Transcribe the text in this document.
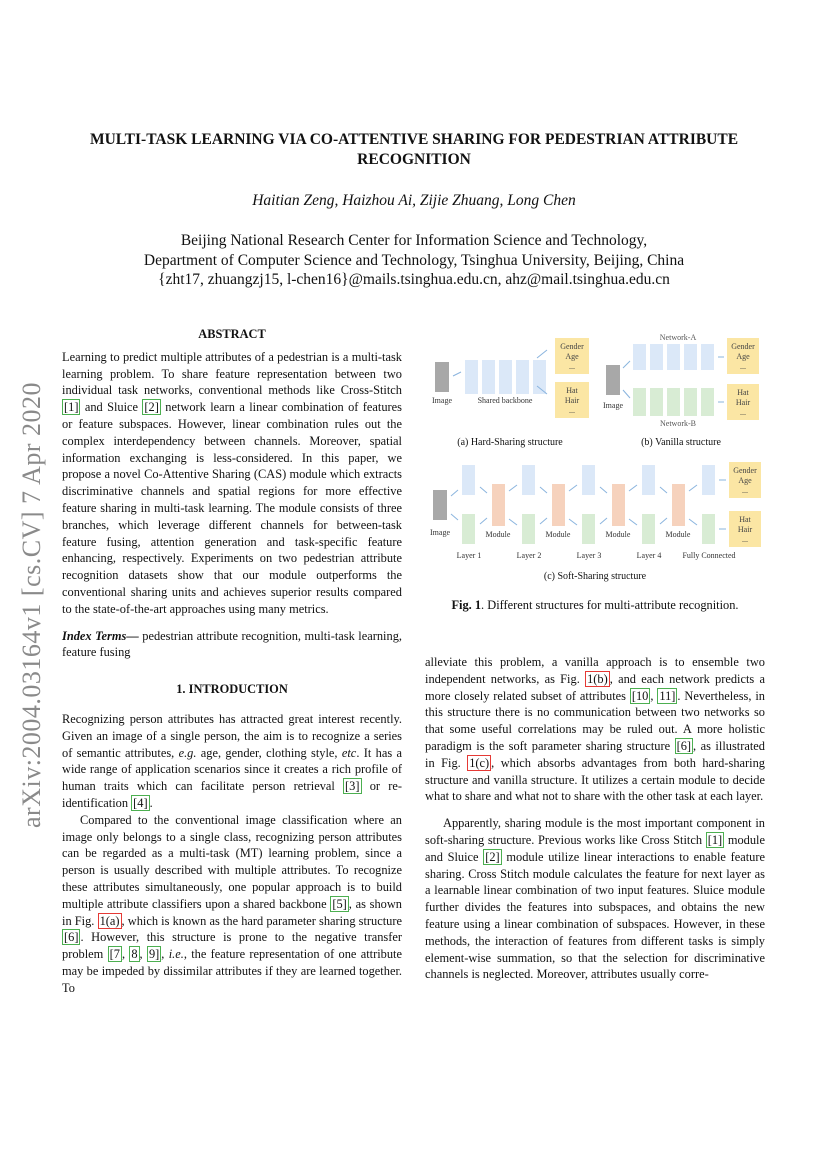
arXiv:2004.03164v1 [cs.CV] 7 Apr 2020
MULTI-TASK LEARNING VIA CO-ATTENTIVE SHARING FOR PEDESTRIAN ATTRIBUTE
RECOGNITION
Haitian Zeng, Haizhou Ai, Zijie Zhuang, Long Chen
Beijing National Research Center for Information Science and Technology,
Department of Computer Science and Technology, Tsinghua University, Beijing, China
{zht17, zhuangzj15, l-chen16}@mails.tsinghua.edu.cn, ahz@mail.tsinghua.edu.cn
ABSTRACT

Learning to predict multiple attributes of a pedestrian is a multi-task learning problem. To share feature representation between two individual task networks, conventional methods like Cross-Stitch [1] and Sluice [2] network learn a linear combination of features or feature subspaces. However, linear combination rules out the complex interdependency between channels. Moreover, spatial information exchanging is less-considered. In this paper, we propose a novel Co-Attentive Sharing (CAS) module which extracts discriminative channels and spatial regions for more effective feature sharing in multi-task learning. The module consists of three branches, which leverage different channels for between-task feature fusing, attention generation and task-specific feature enhancing, respectively. Experiments on two pedestrian attribute recognition datasets show that our module outperforms the conventional sharing units and achieves superior results compared to the state-of-the-art approaches using many metrics.

Index Terms— pedestrian attribute recognition, multi-task learning, feature fusing

1. INTRODUCTION

Recognizing person attributes has attracted great interest recently. Given an image of a single person, the aim is to recognize a series of semantic attributes, e.g. age, gender, clothing style, etc. It has a wide range of application scenarios since it creates a rich profile of human traits which can facilitate person retrieval [3] or re-identification [4] .

Compared to the conventional image classification where an image only belongs to a single class, recognizing person attributes can be regarded as a multi-task (MT) learning problem, since a person is usually described with multiple attributes. To recognize these attributes simultaneously, one popular approach is to build multiple attribute classifiers upon a shared backbone [5] , as shown in Fig. 1(a) , which is known as the hard parameter sharing structure [6] . However, this structure is prone to the negative transfer problem [7 , 8 , 9] , i.e., the feature representation of one attribute may be impeded by dissimilar attributes if they are learned together. To

Image	Shared backbone
Gender
Age
...
Hat
Hair
...
(a) Hard-Sharing structure
Network-A
Gender
Age
...
Image
Hat
Hair
...
Network-B
(b) Vanilla structure
Image	Module
Layer 1
Module
Layer 2
Module
Layer 3
Module
Layer 4
Gender
Age
...
Hat
Hair
...
Fully Connected
(c) Soft-Sharing structure
Fig. 1. Different structures for multi-attribute recognition.

alleviate this problem, a vanilla approach is to ensemble two independent networks, as Fig. 1(b) , and each network predicts a more closely related subset of attributes [10 , 11] . Nevertheless, in this structure there is no communication between two networks so that some useful correlations may be ruled out. A more holistic paradigm is the soft parameter sharing structure [6] , as illustrated in Fig. 1(c) , which absorbs advantages from both hard-sharing structure and vanilla structure. It utilizes a certain module to decide what to share and what not to share with the other task at each layer.

Apparently, sharing module is the most important component in soft-sharing structure. Previous works like Cross Stitch [1] module and Sluice [2] module utilize linear interactions to enable feature sharing. Cross Stitch module calculates the feature for next layer as a learnable linear combination of two input features. Sluice module further divides the features into subspaces, and obtains the new feature using a linear combination of subspaces. However, in these methods, the interaction of features from different tasks is simply element-wise summation, so that the selection for discriminative channels is neglected. Moreover, attributes usually corre-
